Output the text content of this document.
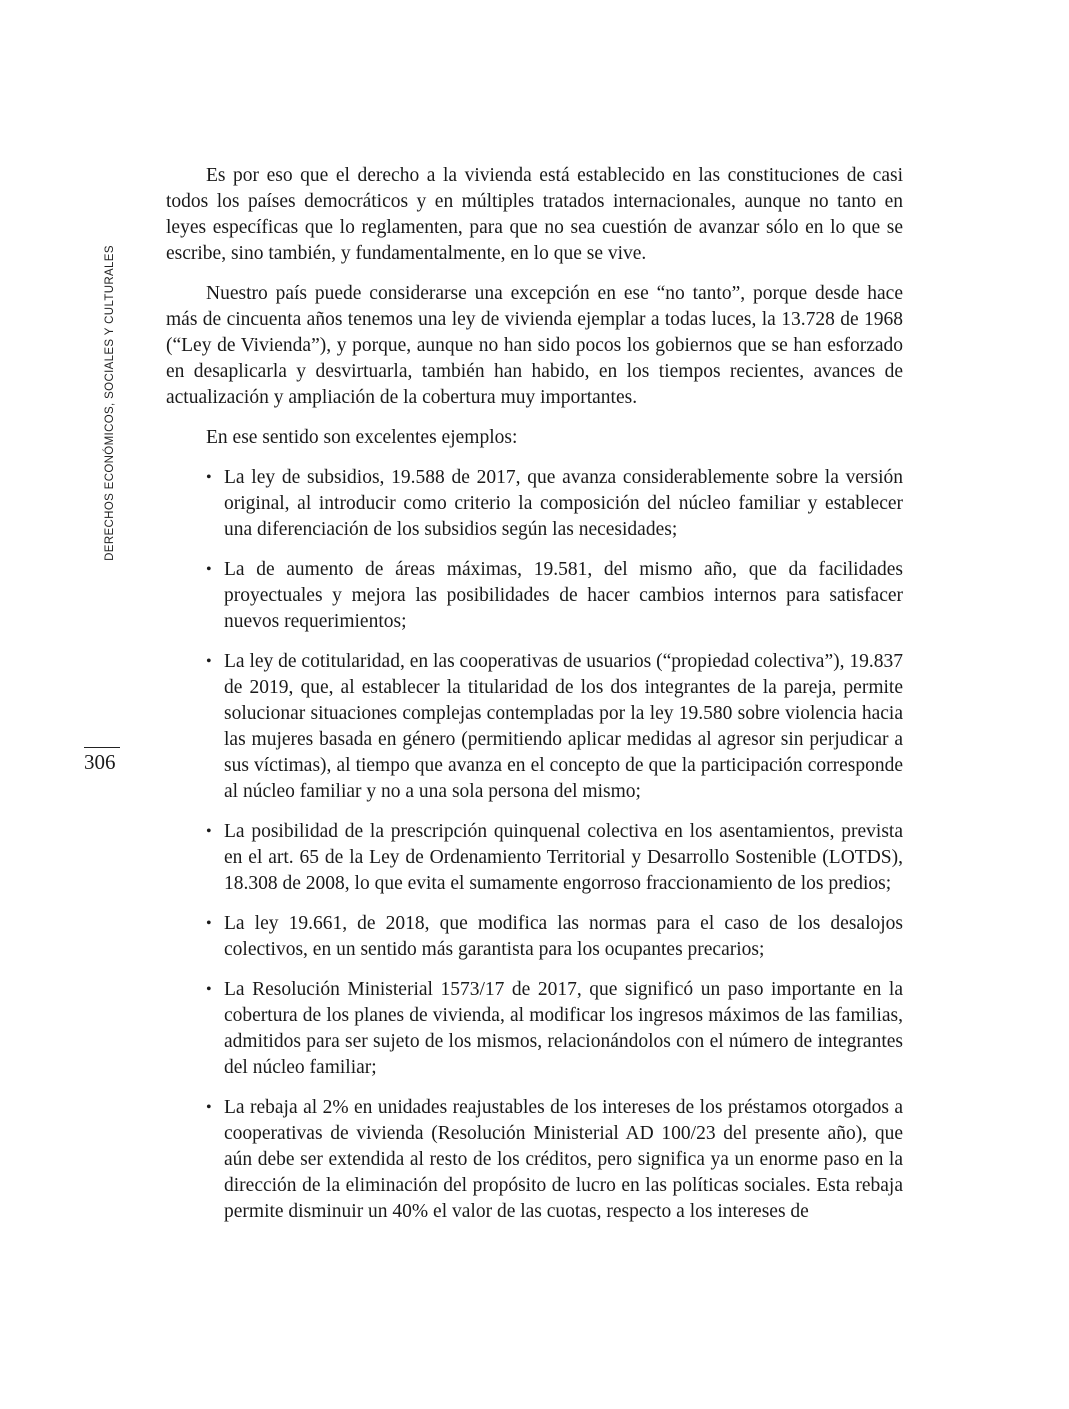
DERECHOS ECONÓMICOS, SOCIALES Y CULTURALES
306

Es por eso que el derecho a la vivienda está establecido en las constituciones de casi todos los países democráticos y en múltiples tratados internacionales, aunque no tanto en leyes específicas que lo reglamenten, para que no sea cuestión de avanzar sólo en lo que se escribe, sino también, y fundamentalmente, en lo que se vive.

Nuestro país puede considerarse una excepción en ese “no tanto”, porque desde hace más de cincuenta años tenemos una ley de vivienda ejemplar a todas luces, la 13.728 de 1968 (“Ley de Vivienda”), y porque, aunque no han sido pocos los gobiernos que se han esforzado en desaplicarla y desvirtuarla, también han habido, en los tiempos recientes, avances de actualización y ampliación de la cobertura muy importantes.

En ese sentido son excelentes ejemplos:

• La ley de subsidios, 19.588 de 2017, que avanza considerablemente sobre la versión original, al introducir como criterio la composición del núcleo familiar y establecer una diferenciación de los subsidios según las necesidades;
• La de aumento de áreas máximas, 19.581, del mismo año, que da facilidades proyectuales y mejora las posibilidades de hacer cambios internos para satisfacer nuevos requerimientos;
• La ley de cotitularidad, en las cooperativas de usuarios (“propiedad colectiva”), 19.837 de 2019, que, al establecer la titularidad de los dos integrantes de la pareja, permite solucionar situaciones complejas contempladas por la ley 19.580 sobre violencia hacia las mujeres basada en género (permitiendo aplicar medidas al agresor sin perjudicar a sus víctimas), al tiempo que avanza en el concepto de que la participación corresponde al núcleo familiar y no a una sola persona del mismo;
• La posibilidad de la prescripción quinquenal colectiva en los asentamientos, prevista en el art. 65 de la Ley de Ordenamiento Territorial y Desarrollo Sostenible (LOTDS), 18.308 de 2008, lo que evita el sumamente engorroso fraccionamiento de los predios;
• La ley 19.661, de 2018, que modifica las normas para el caso de los desalojos colectivos, en un sentido más garantista para los ocupantes precarios;
• La Resolución Ministerial 1573/17 de 2017, que significó un paso importante en la cobertura de los planes de vivienda, al modificar los ingresos máximos de las familias, admitidos para ser sujeto de los mismos, relacionándolos con el número de integrantes del núcleo familiar;
• La rebaja al 2% en unidades reajustables de los intereses de los préstamos otorgados a cooperativas de vivienda (Resolución Ministerial AD 100/23 del presente año), que aún debe ser extendida al resto de los créditos, pero significa ya un enorme paso en la dirección de la eliminación del propósito de lucro en las políticas sociales. Esta rebaja permite disminuir un 40% el valor de las cuotas, respecto a los intereses de
